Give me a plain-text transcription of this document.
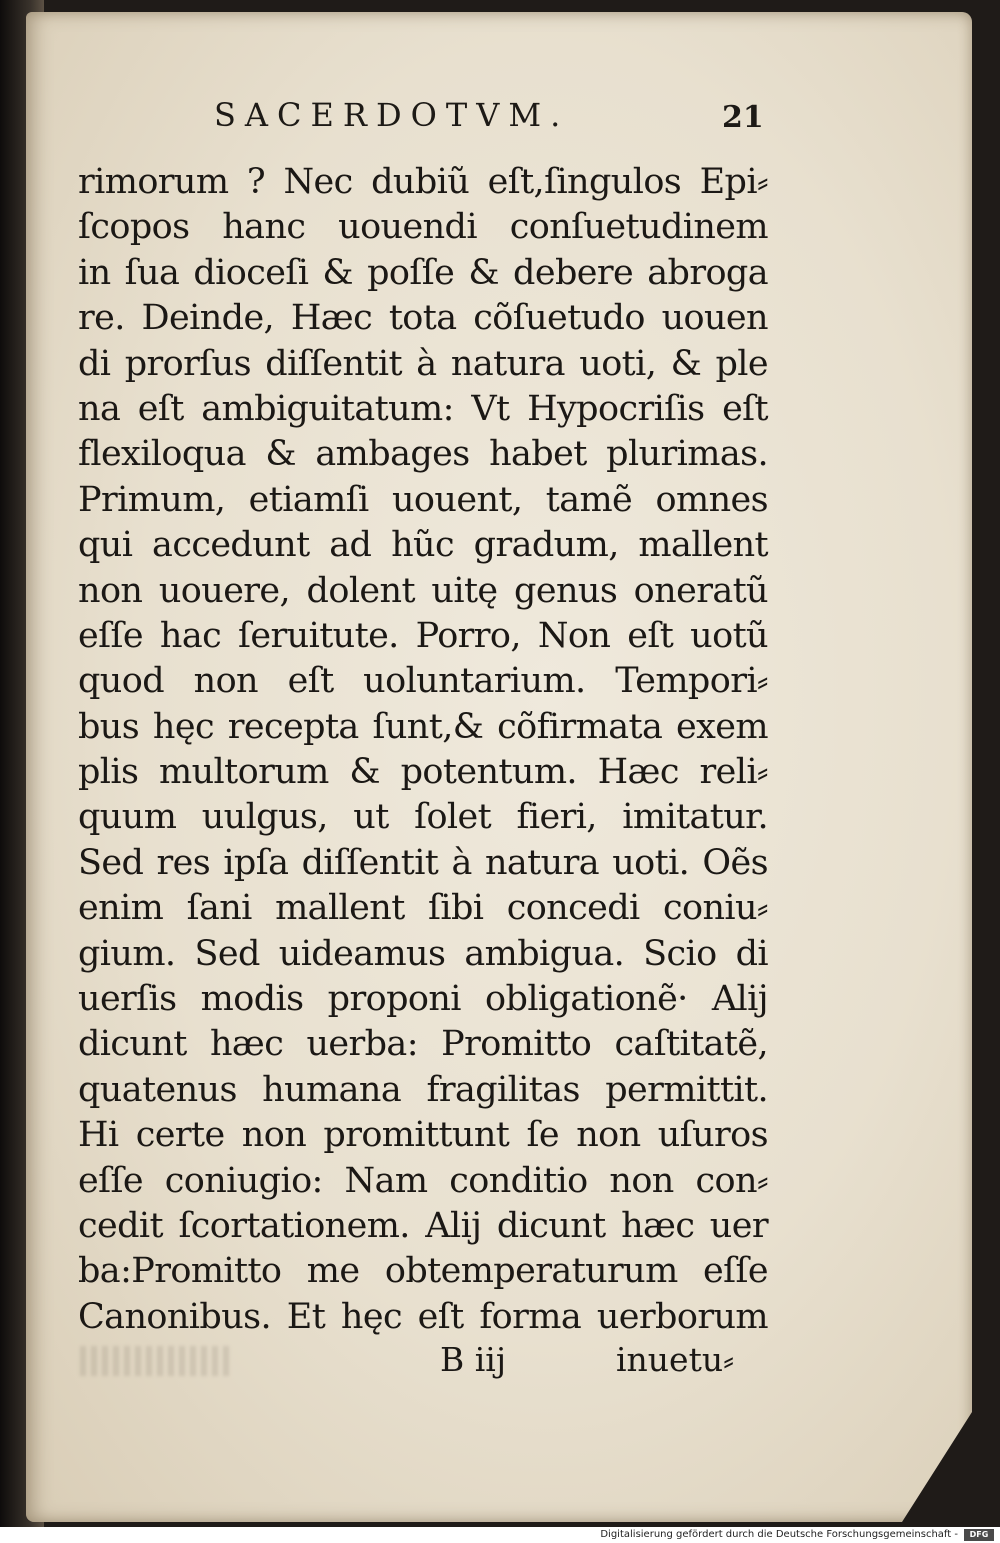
SACERDOTVM.	21
rimorum ? Nec dubiũ eſt,ſingulos Epi⸗
ſcopos hanc uouendi conſuetudinem
in ſua dioceſi & poſſe & debere abroga
re. Deinde, Hæc tota cõſuetudo uouen
di prorſus diſſentit à natura uoti, & ple
na eſt ambiguitatum: Vt Hypocriſis eſt
flexiloqua & ambages habet plurimas.
Primum, etiamſi uouent, tamẽ omnes
qui accedunt ad hũc gradum, mallent
non uouere, dolent uitę genus oneratũ
eſſe hac ſeruitute. Porro, Non eſt uotũ
quod non eſt uoluntarium. Tempori⸗
bus hęc recepta ſunt,& cõfirmata exem
plis multorum & potentum. Hæc reli⸗
quum uulgus, ut ſolet fieri, imitatur.
Sed res ipſa diſſentit à natura uoti. Oẽs
enim ſani mallent ſibi concedi coniu⸗
gium. Sed uideamus ambigua. Scio di
uerſis modis proponi obligationẽ· Alij
dicunt hæc uerba: Promitto caſtitatẽ,
quatenus humana fragilitas permittit.
Hi certe non promittunt ſe non uſuros
eſſe coniugio: Nam conditio non con⸗
cedit ſcortationem. Alij dicunt hæc uer
ba:Promitto me obtemperaturum eſſe
Canonibus. Et hęc eſt forma uerborum
B iij	inuetu⸗
Digitalisierung gefördert durch die Deutsche Forschungsgemeinschaft -	DFG
